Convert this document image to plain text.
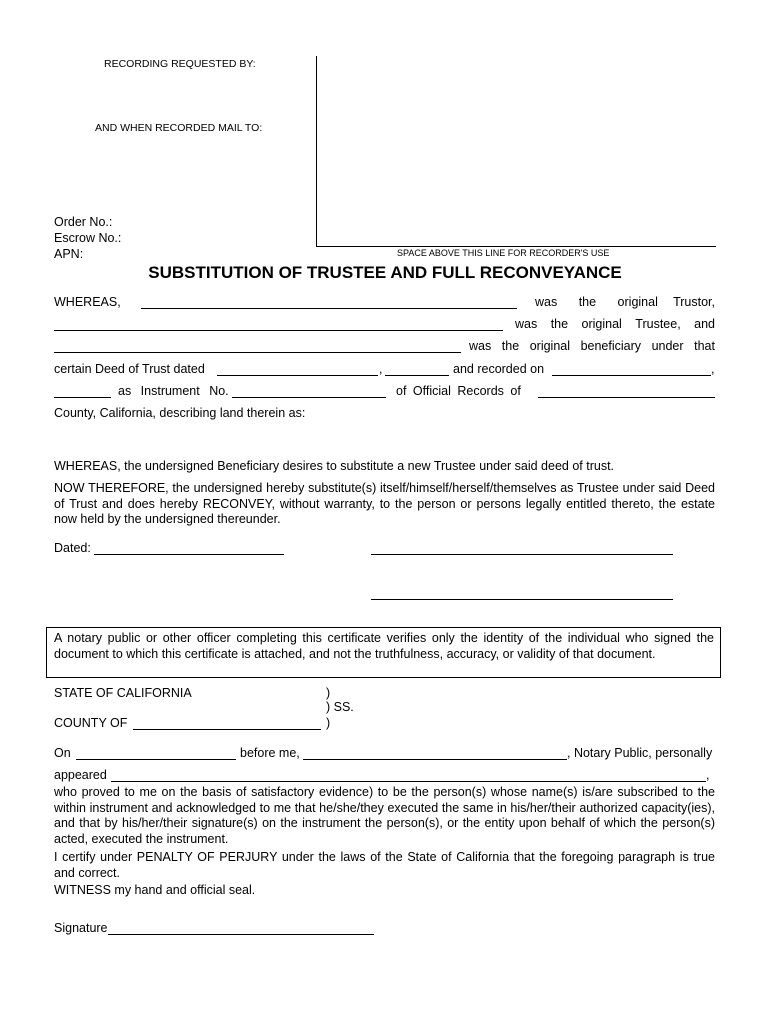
RECORDING REQUESTED BY:
AND WHEN RECORDED MAIL TO:
Order No.:
Escrow No.:
APN:	SPACE ABOVE THIS LINE FOR RECORDER'S USE
SUBSTITUTION OF TRUSTEE AND FULL RECONVEYANCE
WHEREAS,	was the original Trustor,
was the original Trustee, and
was the original beneficiary under that
certain Deed of Trust dated	,	and recorded on	,
as Instrument No.	of Official Records of
County, California, describing land therein as:
WHEREAS, the undersigned Beneficiary desires to substitute a new Trustee under said deed of trust.
NOW THEREFORE, the undersigned hereby substitute(s) itself/himself/herself/themselves as Trustee under said Deed of Trust and does hereby RECONVEY, without warranty, to the person or persons legally entitled thereto, the estate now held by the undersigned thereunder.
Dated:
A notary public or other officer completing this certificate verifies only the identity of the individual who signed the document to which this certificate is attached, and not the truthfulness, accuracy, or validity of that document.
STATE OF CALIFORNIA	)
) SS.
COUNTY OF	)
On	before me,	, Notary Public, personally
appeared	,
who proved to me on the basis of satisfactory evidence) to be the person(s) whose name(s) is/are subscribed to the within instrument and acknowledged to me that he/she/they executed the same in his/her/their authorized capacity(ies), and that by his/her/their signature(s) on the instrument the person(s), or the entity upon behalf of which the person(s) acted, executed the instrument.
I certify under PENALTY OF PERJURY under the laws of the State of California that the foregoing paragraph is true and correct.
WITNESS my hand and official seal.
Signature
